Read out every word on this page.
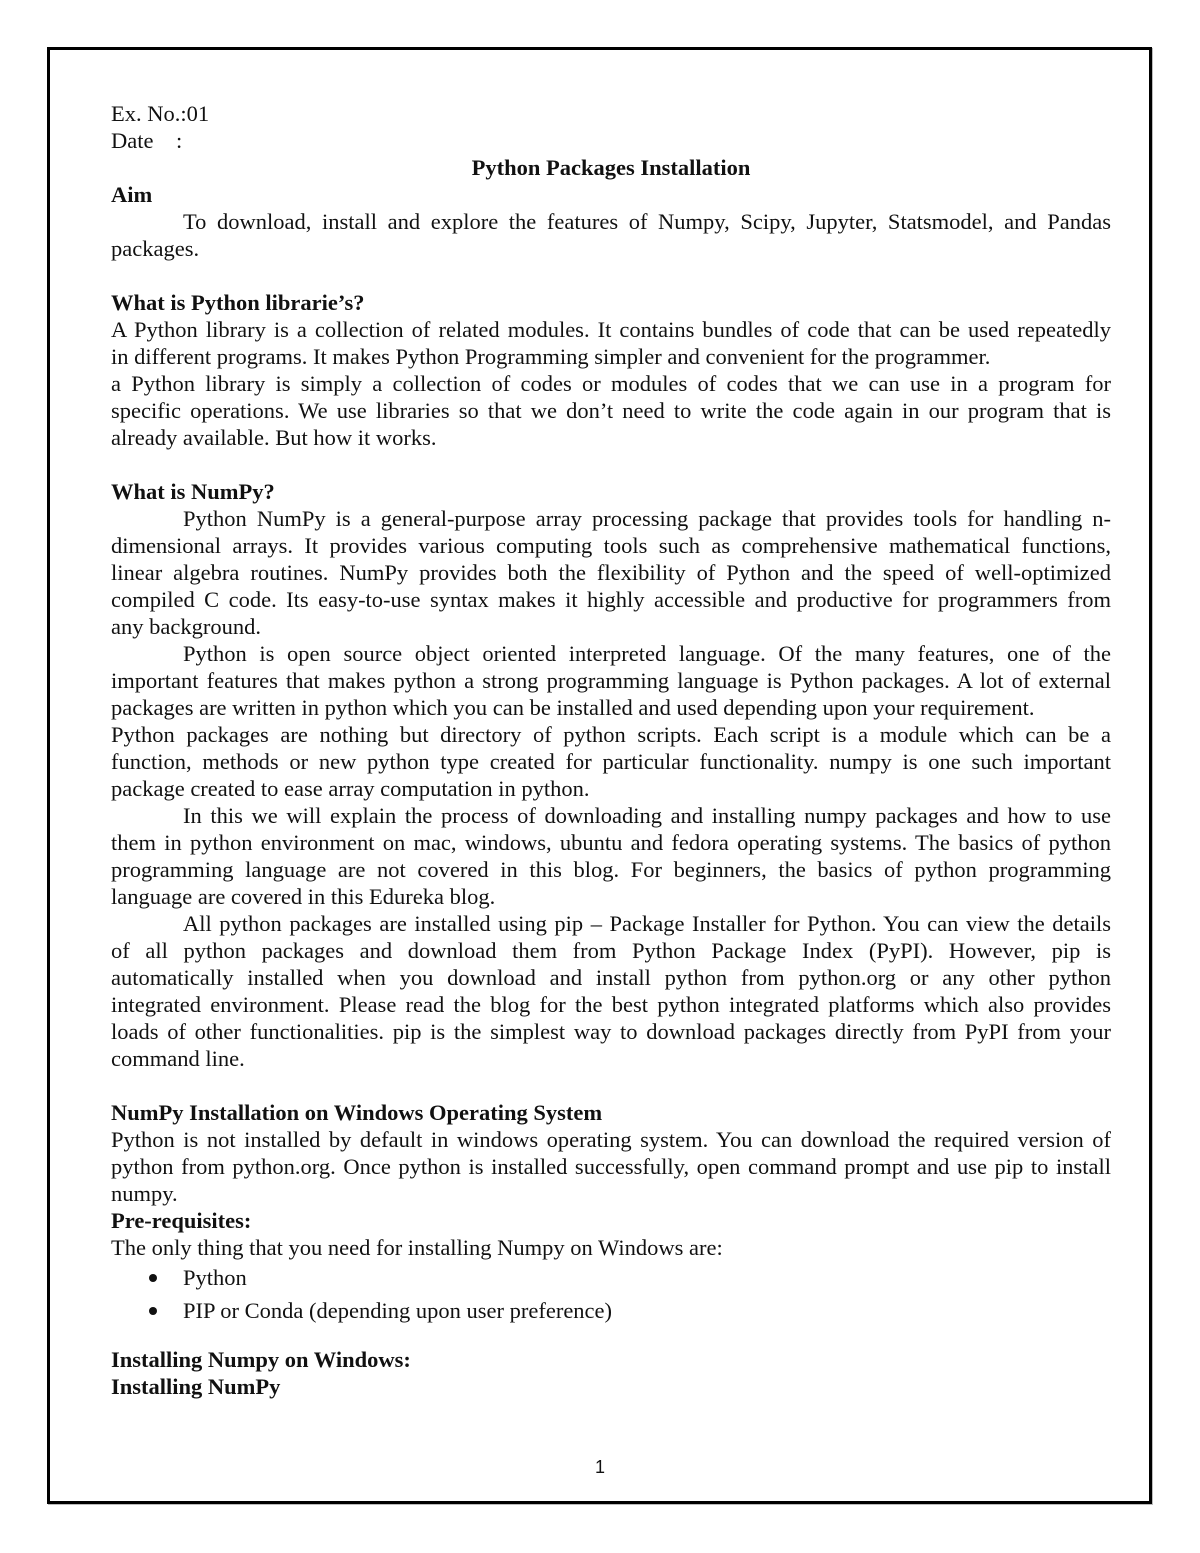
Ex. No.:01
Date    :
Python Packages Installation
Aim
To download, install and explore the features of Numpy, Scipy, Jupyter, Statsmodel, and Pandas
packages.
What is Python librarie’s?
A Python library is a collection of related modules. It contains bundles of code that can be used repeatedly
in different programs. It makes Python Programming simpler and convenient for the programmer.
a Python library is simply a collection of codes or modules of codes that we can use in a program for
specific operations. We use libraries so that we don’t need to write the code again in our program that is
already available. But how it works.
What is NumPy?
Python NumPy is a general-purpose array processing package that provides tools for handling n-
dimensional arrays. It provides various computing tools such as comprehensive mathematical functions,
linear algebra routines. NumPy provides both the flexibility of Python and the speed of well-optimized
compiled C code. Its easy-to-use syntax makes it highly accessible and productive for programmers from
any background.
Python is open source object oriented interpreted language. Of the many features, one of the
important features that makes python a strong programming language is Python packages. A lot of external
packages are written in python which you can be installed and used depending upon your requirement.
Python packages are nothing but directory of python scripts. Each script is a module which can be a
function, methods or new python type created for particular functionality. numpy is one such important
package created to ease array computation in python.
In this we will explain the process of downloading and installing numpy packages and how to use
them in python environment on mac, windows, ubuntu and fedora operating systems. The basics of python
programming language are not covered in this blog. For beginners, the basics of python programming
language are covered in this Edureka blog.
All python packages are installed using pip – Package Installer for Python. You can view the details
of all python packages and download them from Python Package Index (PyPI). However, pip is
automatically installed when you download and install python from python.org or any other python
integrated environment. Please read the blog for the best python integrated platforms which also provides
loads of other functionalities. pip is the simplest way to download packages directly from PyPI from your
command line.
NumPy Installation on Windows Operating System
Python is not installed by default in windows operating system. You can download the required version of
python from python.org. Once python is installed successfully, open command prompt and use pip to install
numpy.
Pre-requisites:
The only thing that you need for installing Numpy on Windows are:
Python
PIP or Conda (depending upon user preference)
Installing Numpy on Windows:
Installing NumPy
1
